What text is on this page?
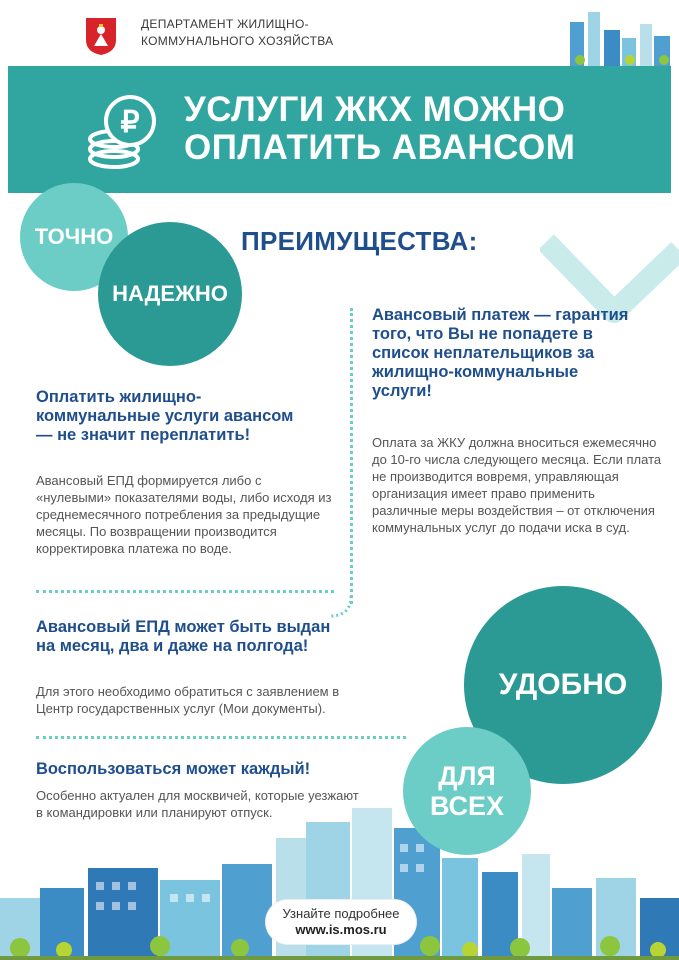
ДЕПАРТАМЕНТ ЖИЛИЩНО-
КОММУНАЛЬНОГО ХОЗЯЙСТВА
₽ УСЛУГИ ЖКХ МОЖНО
ОПЛАТИТЬ АВАНСОМ
ТОЧНО
НАДЕЖНО
ПРЕИМУЩЕСТВА:
Оплатить жилищно-коммунальные услуги авансом — не значит переплатить!
Авансовый ЕПД формируется либо с «нулевыми» показателями воды, либо исходя из среднемесячного потребления за предыдущие месяцы. По возвращении производится корректировка платежа по воде.
Авансовый платеж — гарантия того, что Вы не попадете в список неплательщиков за жилищно-коммунальные услуги!
Оплата за ЖКУ должна вноситься ежемесячно до 10-го числа следующего месяца. Если плата не производится вовремя, управляющая организация имеет право применить различные меры воздействия – от отключения коммунальных услуг до подачи иска в суд.
Авансовый ЕПД может быть выдан на месяц, два и даже на полгода!
Для этого необходимо обратиться с заявлением в Центр государственных услуг (Мои документы).
Воспользоваться может каждый!
Особенно актуален для москвичей, которые уезжают в командировки или планируют отпуск.
УДОБНО
ДЛЯ
ВСЕХ
Узнайте подробнее
www.is.mos.ru
